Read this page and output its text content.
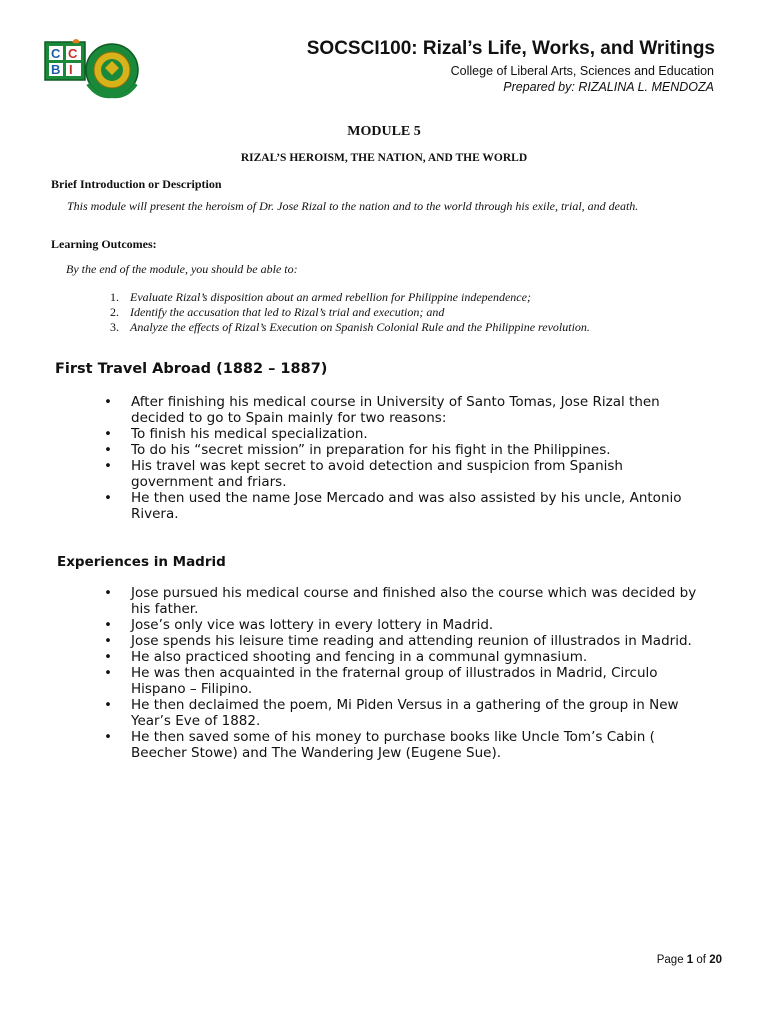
C C
B I
SOCSCI100: Rizal’s Life, Works, and Writings
College of Liberal Arts, Sciences and Education
Prepared by: RIZALINA L. MENDOZA
MODULE 5
RIZAL’S HEROISM, THE NATION, AND THE WORLD
Brief Introduction or Description
This module will present the heroism of Dr. Jose Rizal to the nation and to the world through his exile, trial, and death.
Learning Outcomes:
By the end of the module, you should be able to:
1. Evaluate Rizal’s disposition about an armed rebellion for Philippine independence;
2. Identify the accusation that led to Rizal’s trial and execution; and
3. Analyze the effects of Rizal’s Execution on Spanish Colonial Rule and the Philippine revolution.
First Travel Abroad (1882 – 1887)
• After finishing his medical course in University of Santo Tomas, Jose Rizal then decided to go to Spain mainly for two reasons:
• To finish his medical specialization.
• To do his “secret mission” in preparation for his fight in the Philippines.
• His travel was kept secret to avoid detection and suspicion from Spanish government and friars.
• He then used the name Jose Mercado and was also assisted by his uncle, Antonio Rivera.
Experiences in Madrid
• Jose pursued his medical course and finished also the course which was decided by his father.
• Jose’s only vice was lottery in every lottery in Madrid.
• Jose spends his leisure time reading and attending reunion of illustrados in Madrid.
• He also practiced shooting and fencing in a communal gymnasium.
• He was then acquainted in the fraternal group of illustrados in Madrid, Circulo Hispano – Filipino.
• He then declaimed the poem, Mi Piden Versus in a gathering of the group in New Year’s Eve of 1882.
• He then saved some of his money to purchase books like Uncle Tom’s Cabin ( Beecher Stowe) and The Wandering Jew (Eugene Sue).
Page 1 of 20
